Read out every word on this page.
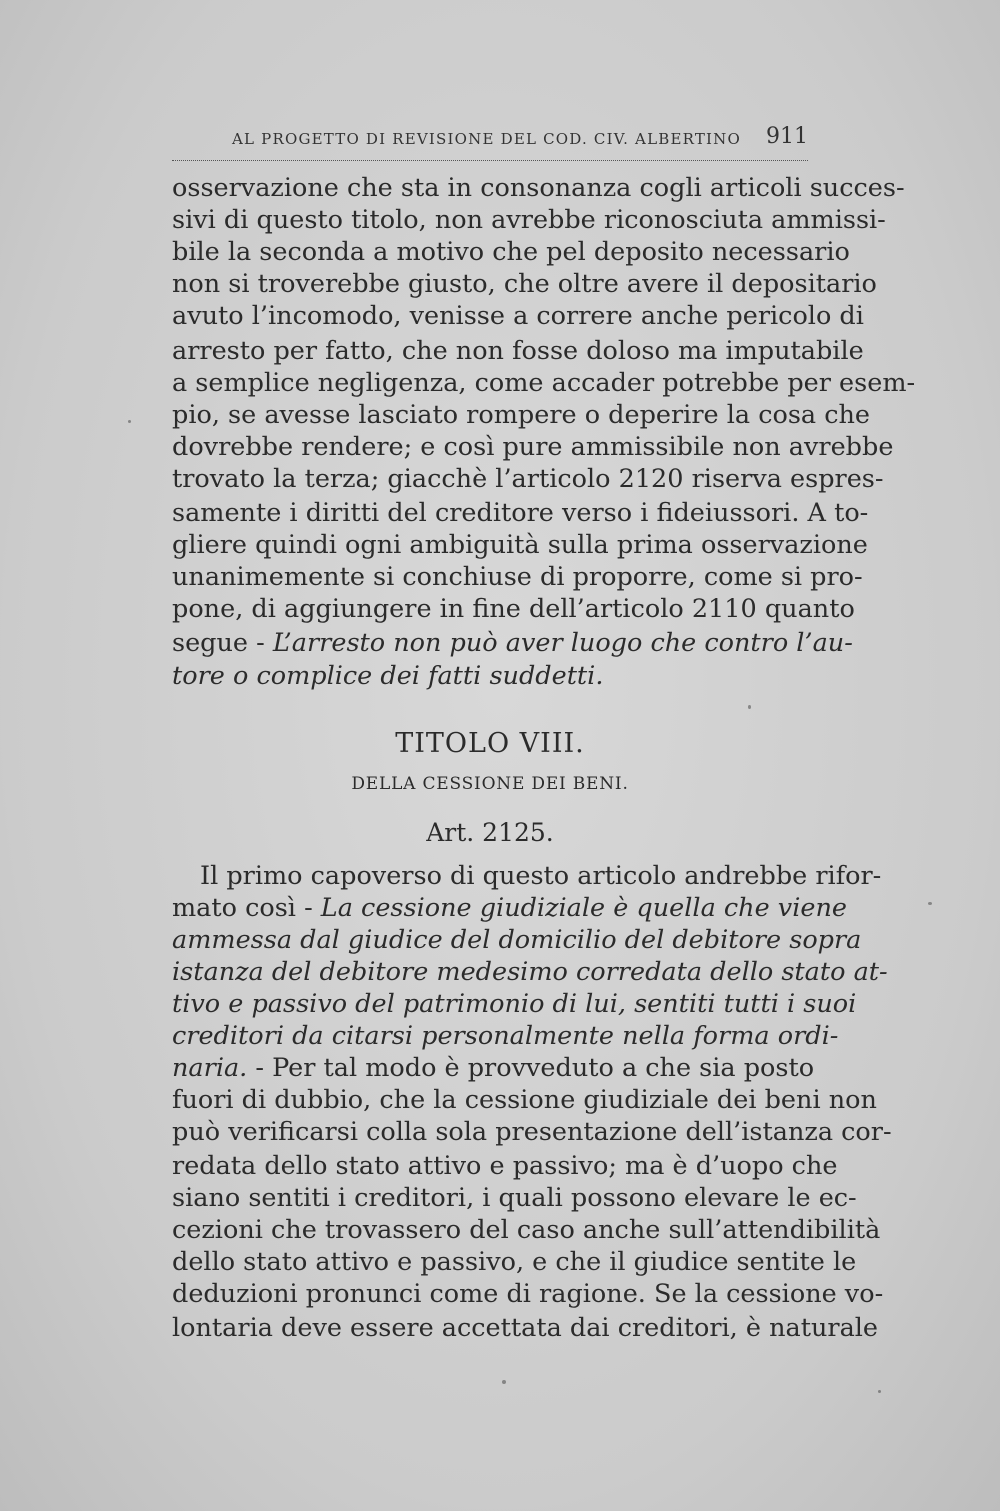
AL PROGETTO DI REVISIONE DEL COD. CIV. ALBERTINO 911
osservazione che sta in consonanza cogli articoli succes-
sivi di questo titolo, non avrebbe riconosciuta ammissi-
bile la seconda a motivo che pel deposito necessario
non si troverebbe giusto, che oltre avere il depositario
avuto l’incomodo, venisse a correre anche pericolo di
arresto per fatto, che non fosse doloso ma imputabile
a semplice negligenza, come accader potrebbe per esem-
pio, se avesse lasciato rompere o deperire la cosa che
dovrebbe rendere; e così pure ammissibile non avrebbe
trovato la terza; giacchè l’articolo 2120 riserva espres-
samente i diritti del creditore verso i fideiussori. A to-
gliere quindi ogni ambiguità sulla prima osservazione
unanimemente si conchiuse di proporre, come si pro-
pone, di aggiungere in fine dell’articolo 2110 quanto
segue - L’arresto non può aver luogo che contro l’au-
tore o complice dei fatti suddetti.
TITOLO VIII.
DELLA CESSIONE DEI BENI.
Art. 2125.
Il primo capoverso di questo articolo andrebbe rifor-
mato così - La cessione giudiziale è quella che viene
ammessa dal giudice del domicilio del debitore sopra
istanza del debitore medesimo corredata dello stato at-
tivo e passivo del patrimonio di lui, sentiti tutti i suoi
creditori da citarsi personalmente nella forma ordi-
naria. - Per tal modo è provveduto a che sia posto
fuori di dubbio, che la cessione giudiziale dei beni non
può verificarsi colla sola presentazione dell’istanza cor-
redata dello stato attivo e passivo; ma è d’uopo che
siano sentiti i creditori, i quali possono elevare le ec-
cezioni che trovassero del caso anche sull’attendibilità
dello stato attivo e passivo, e che il giudice sentite le
deduzioni pronunci come di ragione. Se la cessione vo-
lontaria deve essere accettata dai creditori, è naturale
